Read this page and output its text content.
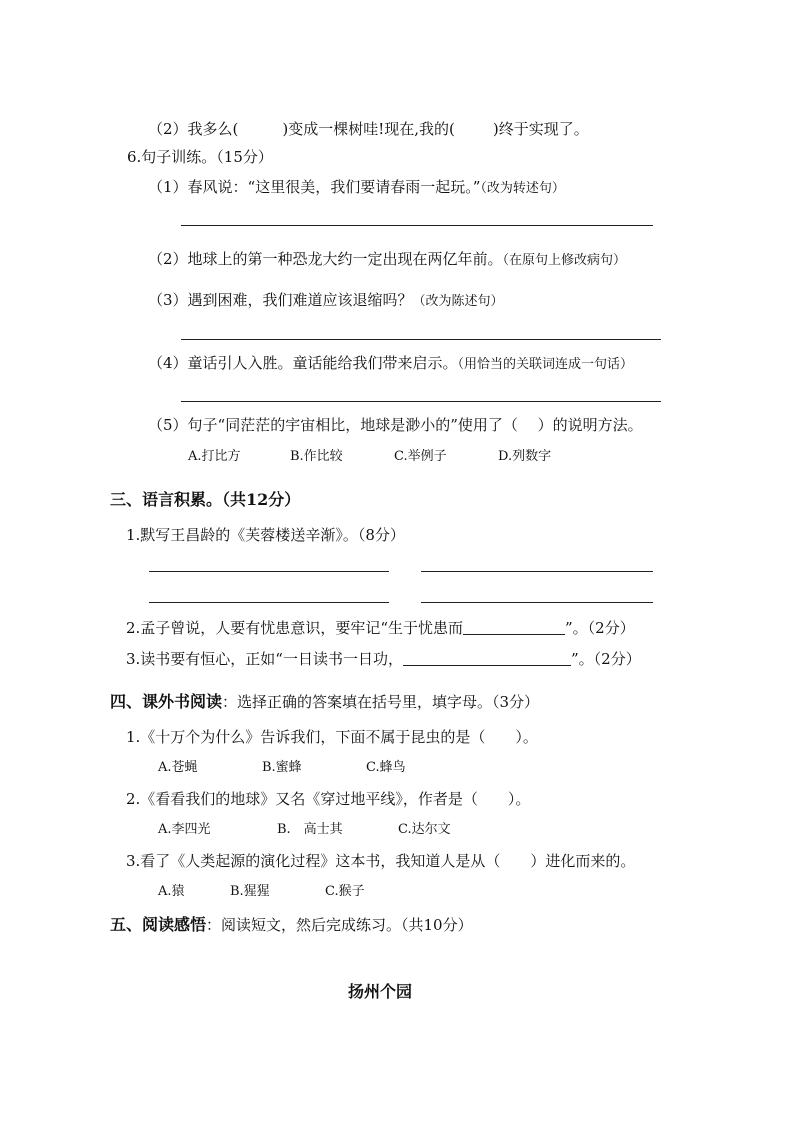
（2）我多么(	)变成一棵树哇!现在,我的(	)终于实现了。
6.句子训练。（15分）
（1）春风说：“这里很美，我们要请春雨一起玩。”（改为转述句）
（2）地球上的第一种恐龙大约一定出现在两亿年前。（在原句上修改病句）
（3）遇到困难，我们难道应该退缩吗？（改为陈述句）
（4）童话引人入胜。童话能给我们带来启示。（用恰当的关联词连成一句话）
（5）句子“同茫茫的宇宙相比，地球是渺小的”使用了（　 ）的说明方法。
A.打比方	B.作比较	C.举例子	D.列数字
三、语言积累。（共12分）
1.默写王昌龄的《芙蓉楼送辛渐》。（8分）
2.孟子曾说，人要有忧患意识，要牢记“生于忧患而	”。（2分）
3.读书要有恒心，正如“一日读书一日功，	”。（2分）
四、课外书阅读：选择正确的答案填在括号里，填字母。（3分）
1.《十万个为什么》告诉我们，下面不属于昆虫的是（　　）。
A.苍蝇	B.蜜蜂	C.蜂鸟
2.《看看我们的地球》又名《穿过地平线》，作者是（　　）。
A.李四光	B.　高士其	C.达尔文
3.看了《人类起源的演化过程》这本书，我知道人是从（　　）进化而来的。
A.猿	B.猩猩	C.猴子
五、阅读感悟：阅读短文，然后完成练习。（共10分）
扬州个园
